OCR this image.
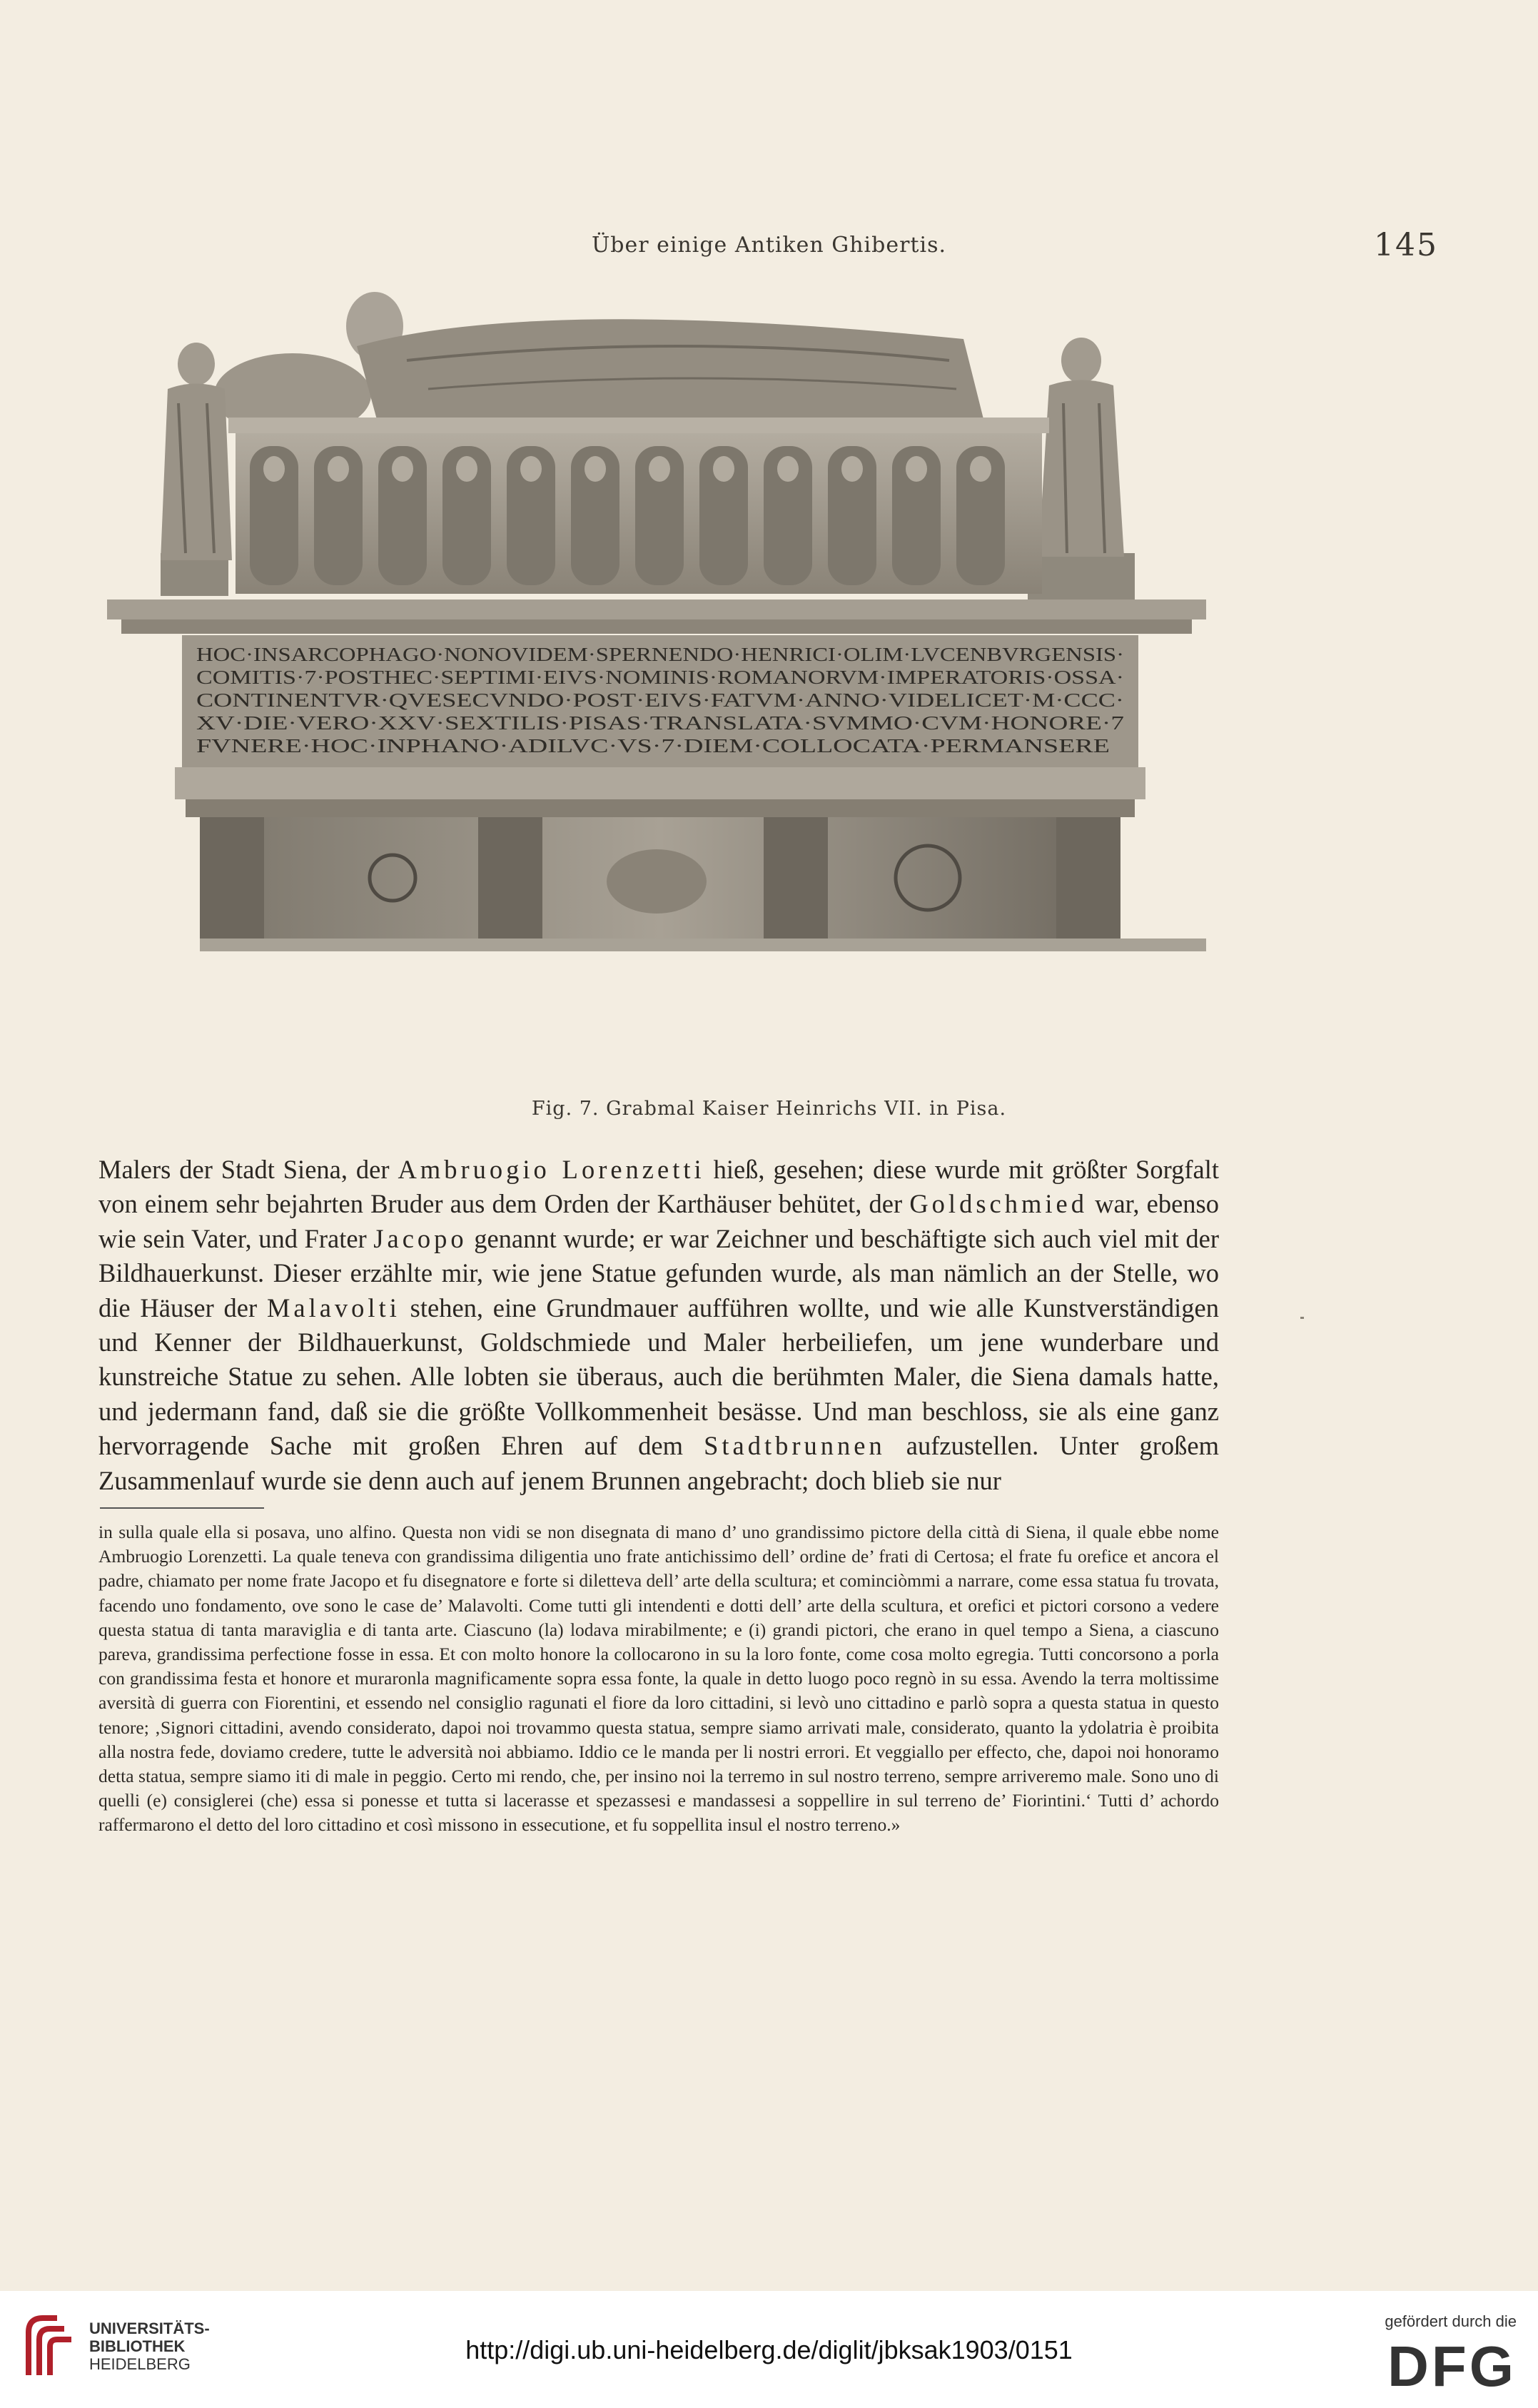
Über einige Antiken Ghibertis.	145
HOC·INSARCOPHAGO·NONOVIDEM·SPERNENDO·HENRICI·OLIM·LVCENBVRGENSIS·
COMITIS·7·POSTHEC·SEPTIMI·EIVS·NOMINIS·ROMANORVM·IMPERATORIS·OSSA·
CONTINENTVR·QVESECVNDO·POST·EIVS·FATVM·ANNO·VIDELICET·M·CCC·
XV·DIE·VERO·XXV·SEXTILIS·PISAS·TRANSLATA·SVMMO·CVM·HONORE·7
FVNERE·HOC·INPHANO·ADILVC·VS·7·DIEM·COLLOCATA·PERMANSERE
Fig. 7. Grabmal Kaiser Heinrichs VII. in Pisa.

Malers der Stadt Siena, der Ambruogio Lorenzetti hieß, gesehen; diese wurde mit größter Sorgfalt von einem sehr bejahrten Bruder aus dem Orden der Karthäuser behütet, der Goldschmied war, ebenso wie sein Vater, und Frater Jacopo genannt wurde; er war Zeichner und beschäftigte sich auch viel mit der Bildhauerkunst. Dieser erzählte mir, wie jene Statue gefunden wurde, als man nämlich an der Stelle, wo die Häuser der Malavolti stehen, eine Grundmauer aufführen wollte, und wie alle Kunstverständigen und Kenner der Bildhauerkunst, Goldschmiede und Maler herbeiliefen, um jene wunderbare und kunstreiche Statue zu sehen. Alle lobten sie überaus, auch die berühmten Maler, die Siena damals hatte, und jedermann fand, daß sie die größte Vollkommenheit besässe. Und man beschloss, sie als eine ganz hervorragende Sache mit großen Ehren auf dem Stadtbrunnen aufzustellen. Unter großem Zusammenlauf wurde sie denn auch auf jenem Brunnen angebracht; doch blieb sie nur

in sulla quale ella si posava, uno alfino. Questa non vidi se non disegnata di mano d’ uno grandissimo pictore della città di Siena, il quale ebbe nome Ambruogio Lorenzetti. La quale teneva con grandissima diligentia uno frate antichissimo dell’ ordine de’ frati di Certosa; el frate fu orefice et ancora el padre, chiamato per nome frate Jacopo et fu disegnatore e forte si diletteva dell’ arte della scultura; et cominciòmmi a narrare, come essa statua fu trovata, facendo uno fondamento, ove sono le case de’ Malavolti. Come tutti gli intendenti e dotti dell’ arte della scultura, et orefici et pictori corsono a vedere questa statua di tanta maraviglia e di tanta arte. Ciascuno (la) lodava mirabilmente; e (i) grandi pictori, che erano in quel tempo a Siena, a ciascuno pareva, grandissima perfectione fosse in essa. Et con molto honore la collocarono in su la loro fonte, come cosa molto egregia. Tutti concorsono a porla con grandissima festa et honore et muraronla magnificamente sopra essa fonte, la quale in detto luogo poco regnò in su essa. Avendo la terra moltissime aversità di guerra con Fiorentini, et essendo nel consiglio ragunati el fiore da loro cittadini, si levò uno cittadino e parlò sopra a questa statua in questo tenore; ‚Signori cittadini, avendo considerato, dapoi noi trovammo questa statua, sempre siamo arrivati male, considerato, quanto la ydolatria è proibita alla nostra fede, doviamo credere, tutte le adversità noi abbiamo. Iddio ce le manda per li nostri errori. Et veggiallo per effecto, che, dapoi noi honoramo detta statua, sempre siamo iti di male in peggio. Certo mi rendo, che, per insino noi la terremo in sul nostro terreno, sempre arriveremo male. Sono uno di quelli (e) consiglerei (che) essa si ponesse et tutta si lacerasse et spezassesi e mandassesi a soppellire in sul terreno de’ Fiorintini.‘ Tutti d’ achordo raffermarono el detto del loro cittadino et così missono in essecutione, et fu soppellita insul el nostro terreno.»

UNIVERSITÄTS-
BIBLIOTHEK
HEIDELBERG	http://digi.ub.uni-heidelberg.de/diglit/jbksak1903/0151
gefördert durch die
DFG
